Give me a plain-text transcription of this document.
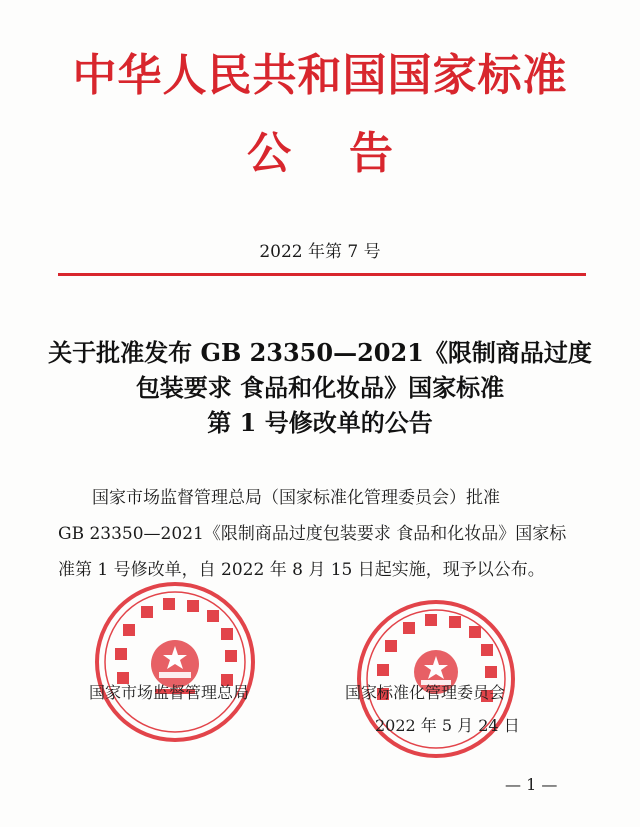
中华人民共和国国家标准
公告
2022 年第 7 号
关于批准发布 GB 23350—2021《限制商品过度
包装要求 食品和化妆品》国家标准
第 1 号修改单的公告

国家市场监督管理总局（国家标准化管理委员会）批准

GB 23350—2021《限制商品过度包装要求 食品和化妆品》国家标

准第 1 号修改单，自 2022 年 8 月 15 日起实施，现予以公布。

国家市场监督管理总局	国家标准化管理委员会
2022 年 5 月 24 日
— 1 —
